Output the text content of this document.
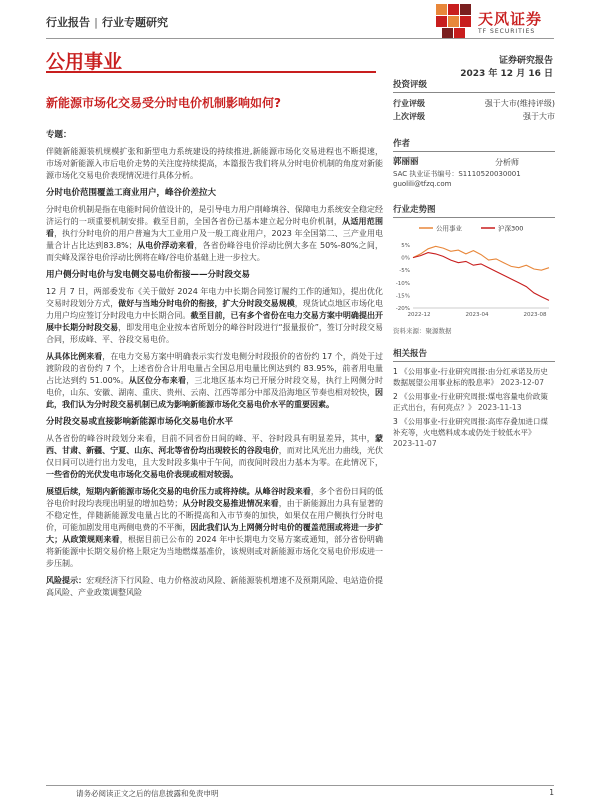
行业报告 | 行业专题研究	天风证券
TF SECURITIES
公用事业	证券研究报告
2023 年 12 月 16 日
新能源市场化交易受分时电价机制影响如何?
专题：

伴随新能源装机规模扩张和新型电力系统建设的持续推进,新能源市场化交易进程也不断提速，市场对新能源入市后电价走势的关注度持续提高，本篇报告我们将从分时电价机制的角度对新能源市场化交易电价表现情况进行具体分析。

分时电价范围覆盖工商业用户，峰谷价差拉大

分时电价机制是指在电能时间价值设计的，是引导电力用户削峰填谷、保障电力系统安全稳定经济运行的一项重要机制安排。截至目前，全国各省份已基本建立起分时电价机制，从适用范围看，执行分时电价的用户普遍为大工业用户及一般工商业用户，2023 年全国第二、三产业用电量合计占比达到83.8%；从电价浮动来看，各省份峰谷电价浮动比例大多在 50%-80%之间，而尖峰及深谷电价浮动比例将在峰/谷电价基础上进一步拉大。

用户侧分时电价与发电侧交易电价衔接——分时段交易

12 月 7 日，两部委发布《关于做好 2024 年电力中长期合同签订履约工作的通知》，提出优化交易时段划分方式，做好与当地分时电价的衔接，扩大分时段交易规模，现货试点地区市场化电力用户均应签订分时段电力中长期合同。截至目前，已有多个省份在电力交易方案中明确提出开展中长期分时段交易，即发用电企业按本省所划分的峰谷时段进行“报量报价”，签订分时段交易合同，形成峰、平、谷段交易电价。

从具体比例来看，在电力交易方案中明确表示实行发电侧分时段报价的省份约 17 个，尚处于过渡阶段的省份约 7 个，上述省份合计用电量占全国总用电量比例达到约 83.95%，前者用电量占比达到约 51.00%。从区位分布来看，三北地区基本均已开展分时段交易，执行上网侧分时电价，山东、安徽、湖南、重庆、贵州、云南、江西等部分中部及沿海地区节奏也相对较快，因此，我们认为分时段交易机制已成为影响新能源市场化交易电价水平的重要因素。

分时段交易或直接影响新能源市场化交易电价水平

从各省份的峰谷时段划分来看，目前不同省份日间的峰、平、谷时段具有明显差异，其中，蒙西、甘肃、新疆、宁夏、山东、河北等省份均出现较长的谷段电价，而对比风光出力曲线，光伏仅日间可以进行出力发电，且大发时段多集中于午间，而夜间时段出力基本为零。在此情况下，一些省份的光伏发电市场化交易电价表现或相对较弱。

展望后续，短期内新能源市场化交易的电价压力或将持续。从峰谷时段来看，多个省份日间的低谷电价时段均表现出明显的增加趋势；从分时段交易推进情况来看，由于新能源出力具有显著的不稳定性，伴随新能源发电量占比的不断提高和入市节奏的加快，如果仅在用户侧执行分时电价，可能加剧发用电两侧电费的不平衡，因此我们认为上网侧分时电价的覆盖范围或将进一步扩大；从政策规则来看，根据目前已公布的 2024 年中长期电力交易方案或通知，部分省份明确将新能源中长期交易价格上限定为当地燃煤基准价，该规则或对新能源市场化交易电价形成进一步压制。

风险提示：宏观经济下行风险、电力价格波动风险、新能源装机增速不及预期风险、电站造价提高风险、产业政策调整风险

投资评级
行业评级	强于大市(维持评级)
上次评级	强于大市
作者
郭丽丽	分析师
SAC 执业证书编号：S1110520030001
guolili@tfzq.com
行业走势图
公用事业	沪深300
5%
0%
-5%
-10%
-15%
-20%
2022-12	2023-04	2023-08
资料来源：聚源数据
相关报告
1 《公用事业-行业研究周报:由分红承诺及历史数据展望公用事业标的股息率》 2023-12-07
2 《公用事业-行业研究周报:煤电容量电价政策正式出台，有何亮点？》 2023-11-13
3 《公用事业-行业研究周报:高库存叠加进口煤补充等，火电燃料成本或仍处于较低水平》 2023-11-07
请务必阅读正文之后的信息披露和免责申明	1
